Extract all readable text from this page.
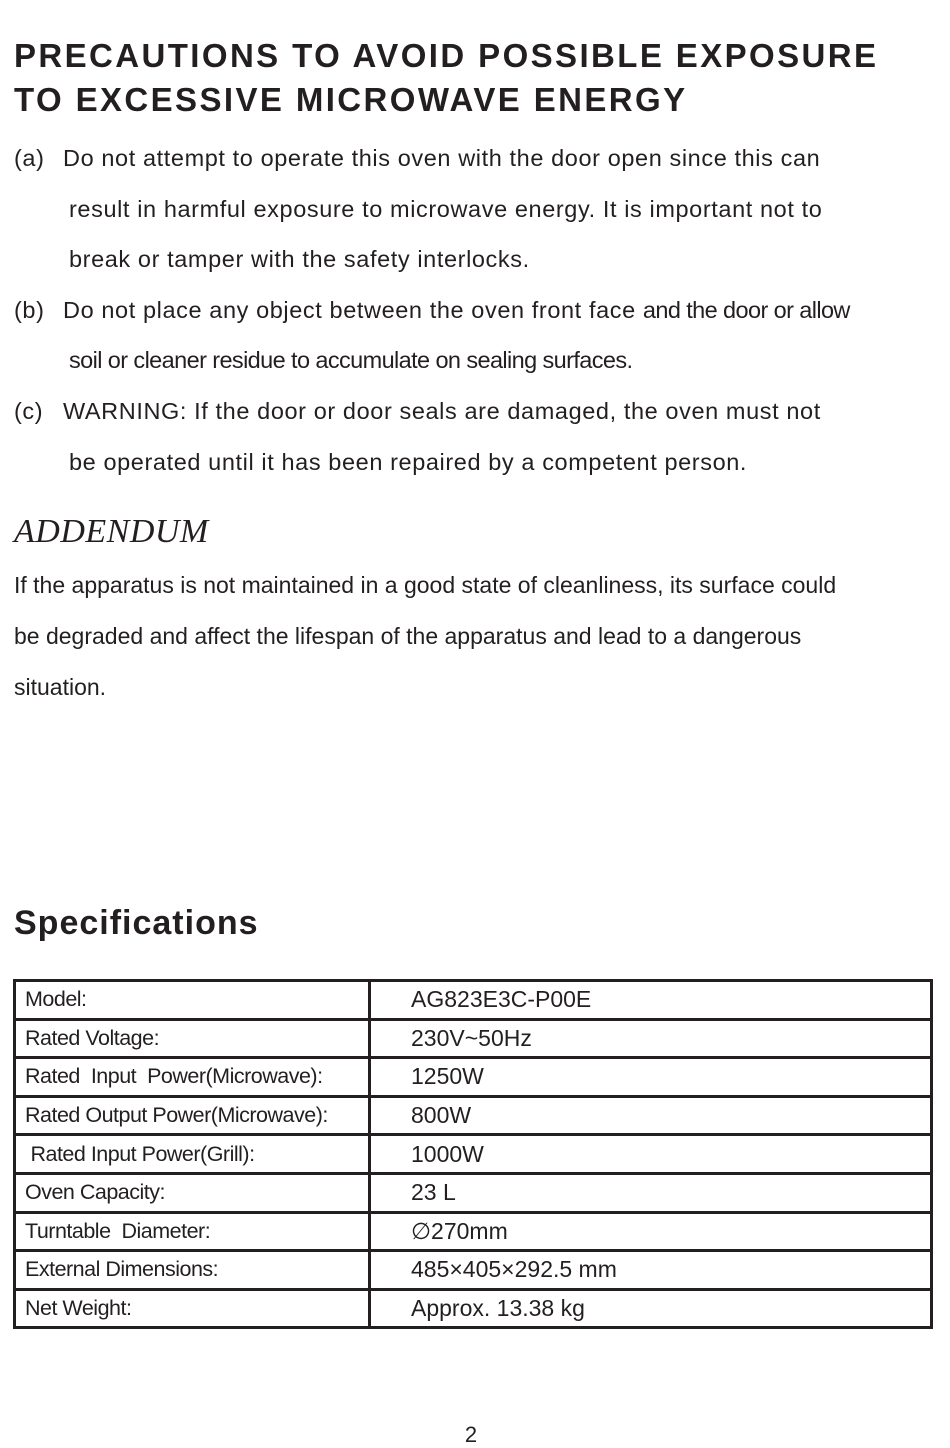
PRECAUTIONS TO AVOID POSSIBLE EXPOSURE
TO EXCESSIVE MICROWAVE ENERGY
(a) Do not attempt to operate this oven with the door open since this can
result in harmful exposure to microwave energy. It is important not to
break or tamper with the safety interlocks.
(b) Do not place any object between the oven front face and the door or allow
soil or cleaner residue to accumulate on sealing surfaces.
(c) WARNING: If the door or door seals are damaged, the oven must not
be operated until it has been repaired by a competent person.
ADDENDUM

If the apparatus is not maintained in a good state of cleanliness, its surface could
be degraded and affect the lifespan of the apparatus and lead to a dangerous
situation.

Specifications
Model:	AG823E3C-P00E
Rated Voltage:	230V~50Hz
Rated  Input  Power(Microwave):	1250W
Rated Output Power(Microwave):	800W
Rated Input Power(Grill):	1000W
Oven Capacity:	23 L
Turntable  Diameter:	∅270mm
External Dimensions:	485×405×292.5 mm
Net Weight:	Approx. 13.38 kg
2
